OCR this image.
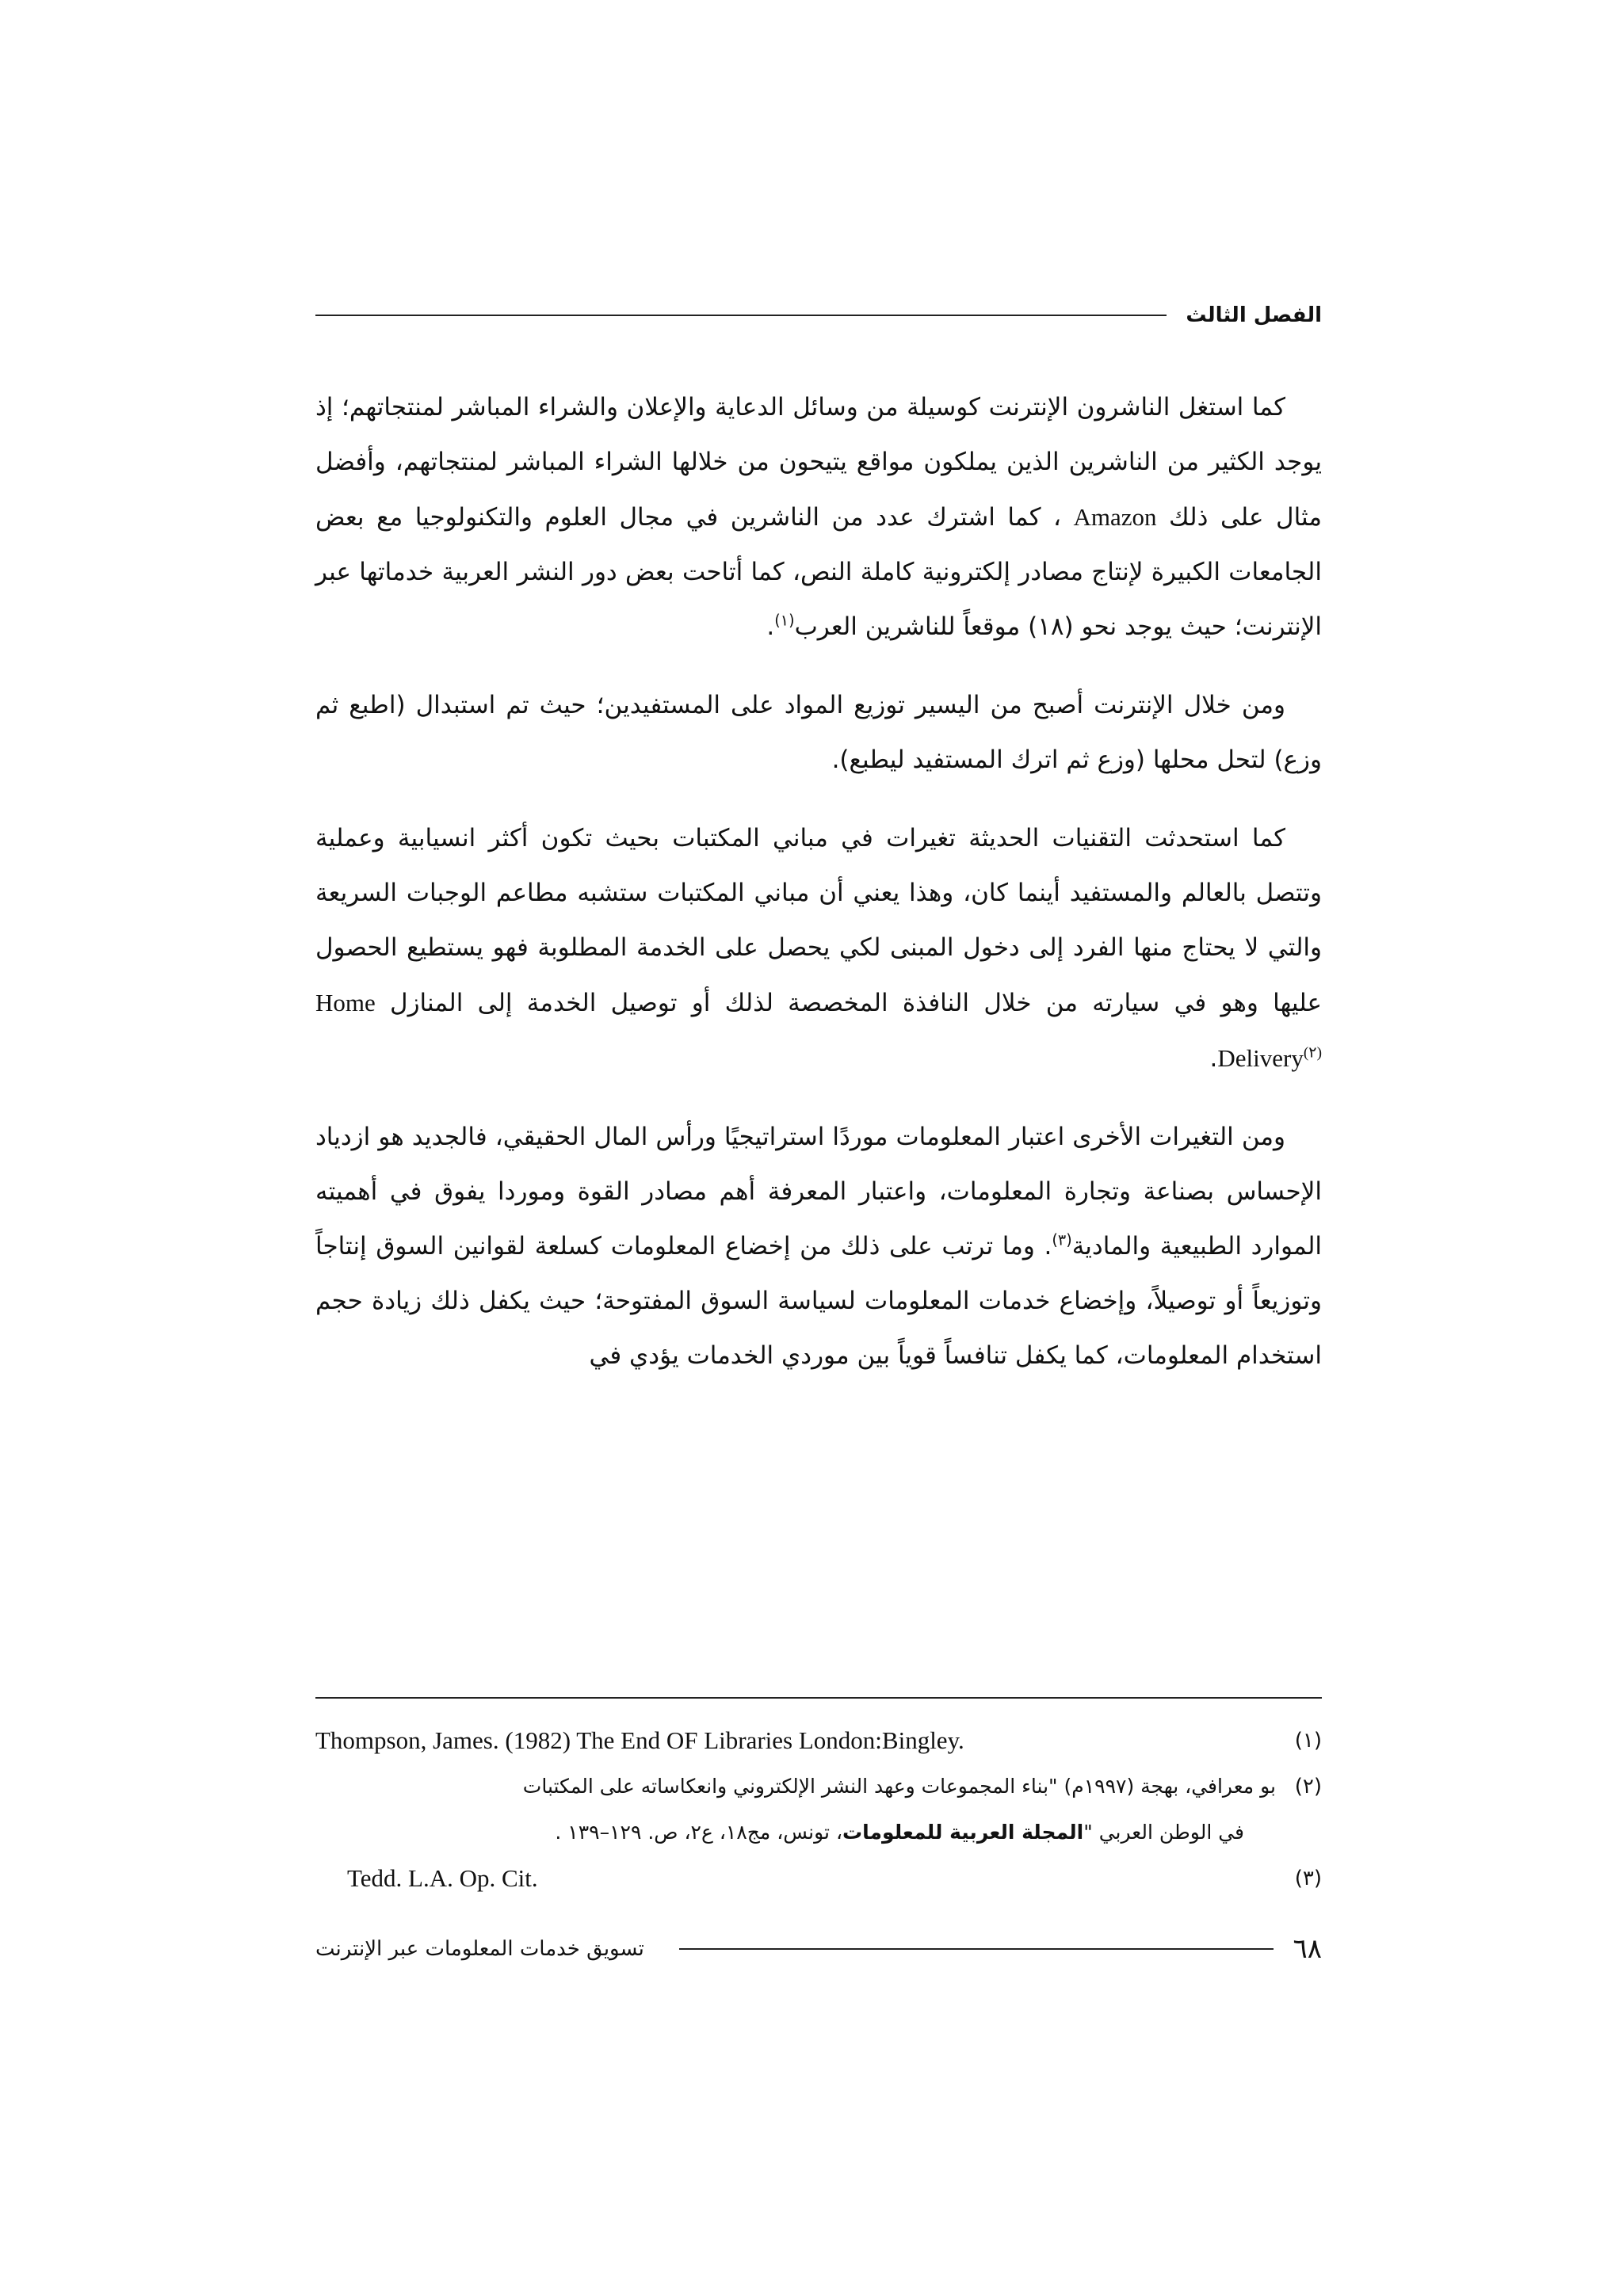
الفصل الثالث

كما استغل الناشرون الإنترنت كوسيلة من وسائل الدعاية والإعلان والشراء المباشر لمنتجاتهم؛ إذ يوجد الكثير من الناشرين الذين يملكون مواقع يتيحون من خلالها الشراء المباشر لمنتجاتهم، وأفضل مثال على ذلك Amazon ، كما اشترك عدد من الناشرين في مجال العلوم والتكنولوجيا مع بعض الجامعات الكبيرة لإنتاج مصادر إلكترونية كاملة النص، كما أتاحت بعض دور النشر العربية خدماتها عبر الإنترنت؛ حيث يوجد نحو (١٨) موقعاً للناشرين العرب$^{(١)}$.

ومن خلال الإنترنت أصبح من اليسير توزيع المواد على المستفيدين؛ حيث تم استبدال (اطبع ثم وزع) لتحل محلها (وزع ثم اترك المستفيد ليطبع).

كما استحدثت التقنيات الحديثة تغيرات في مباني المكتبات بحيث تكون أكثر انسيابية وعملية وتتصل بالعالم والمستفيد أينما كان، وهذا يعني أن مباني المكتبات ستشبه مطاعم الوجبات السريعة والتي لا يحتاج منها الفرد إلى دخول المبنى لكي يحصل على الخدمة المطلوبة فهو يستطيع الحصول عليها وهو في سيارته من خلال النافذة المخصصة لذلك أو توصيل الخدمة إلى المنازل Home Delivery$^{(٢)}$.

ومن التغيرات الأخرى اعتبار المعلومات موردًا استراتيجيًا ورأس المال الحقيقي، فالجديد هو ازدياد الإحساس بصناعة وتجارة المعلومات، واعتبار المعرفة أهم مصادر القوة وموردا يفوق في أهميته الموارد الطبيعية والمادية$^{(٣)}$. وما ترتب على ذلك من إخضاع المعلومات كسلعة لقوانين السوق إنتاجاً وتوزيعاً أو توصيلاً، وإخضاع خدمات المعلومات لسياسة السوق المفتوحة؛ حيث يكفل ذلك زيادة حجم استخدام المعلومات، كما يكفل تنافساً قوياً بين موردي الخدمات يؤدي في

(١)
Thompson, James. (1982) The End OF Libraries London:Bingley.
(٢)
بو معرافي، بهجة (١٩٩٧م) "بناء المجموعات وعهد النشر الإلكتروني وانعكاساته على المكتبات
في الوطن العربي "المجلة العربية للمعلومات، تونس، مج١٨، ع٢، ص. ١٢٩–١٣٩ .
(٣)
Tedd. L.A. Op. Cit.
٦٨
تسويق خدمات المعلومات عبر الإنترنت
